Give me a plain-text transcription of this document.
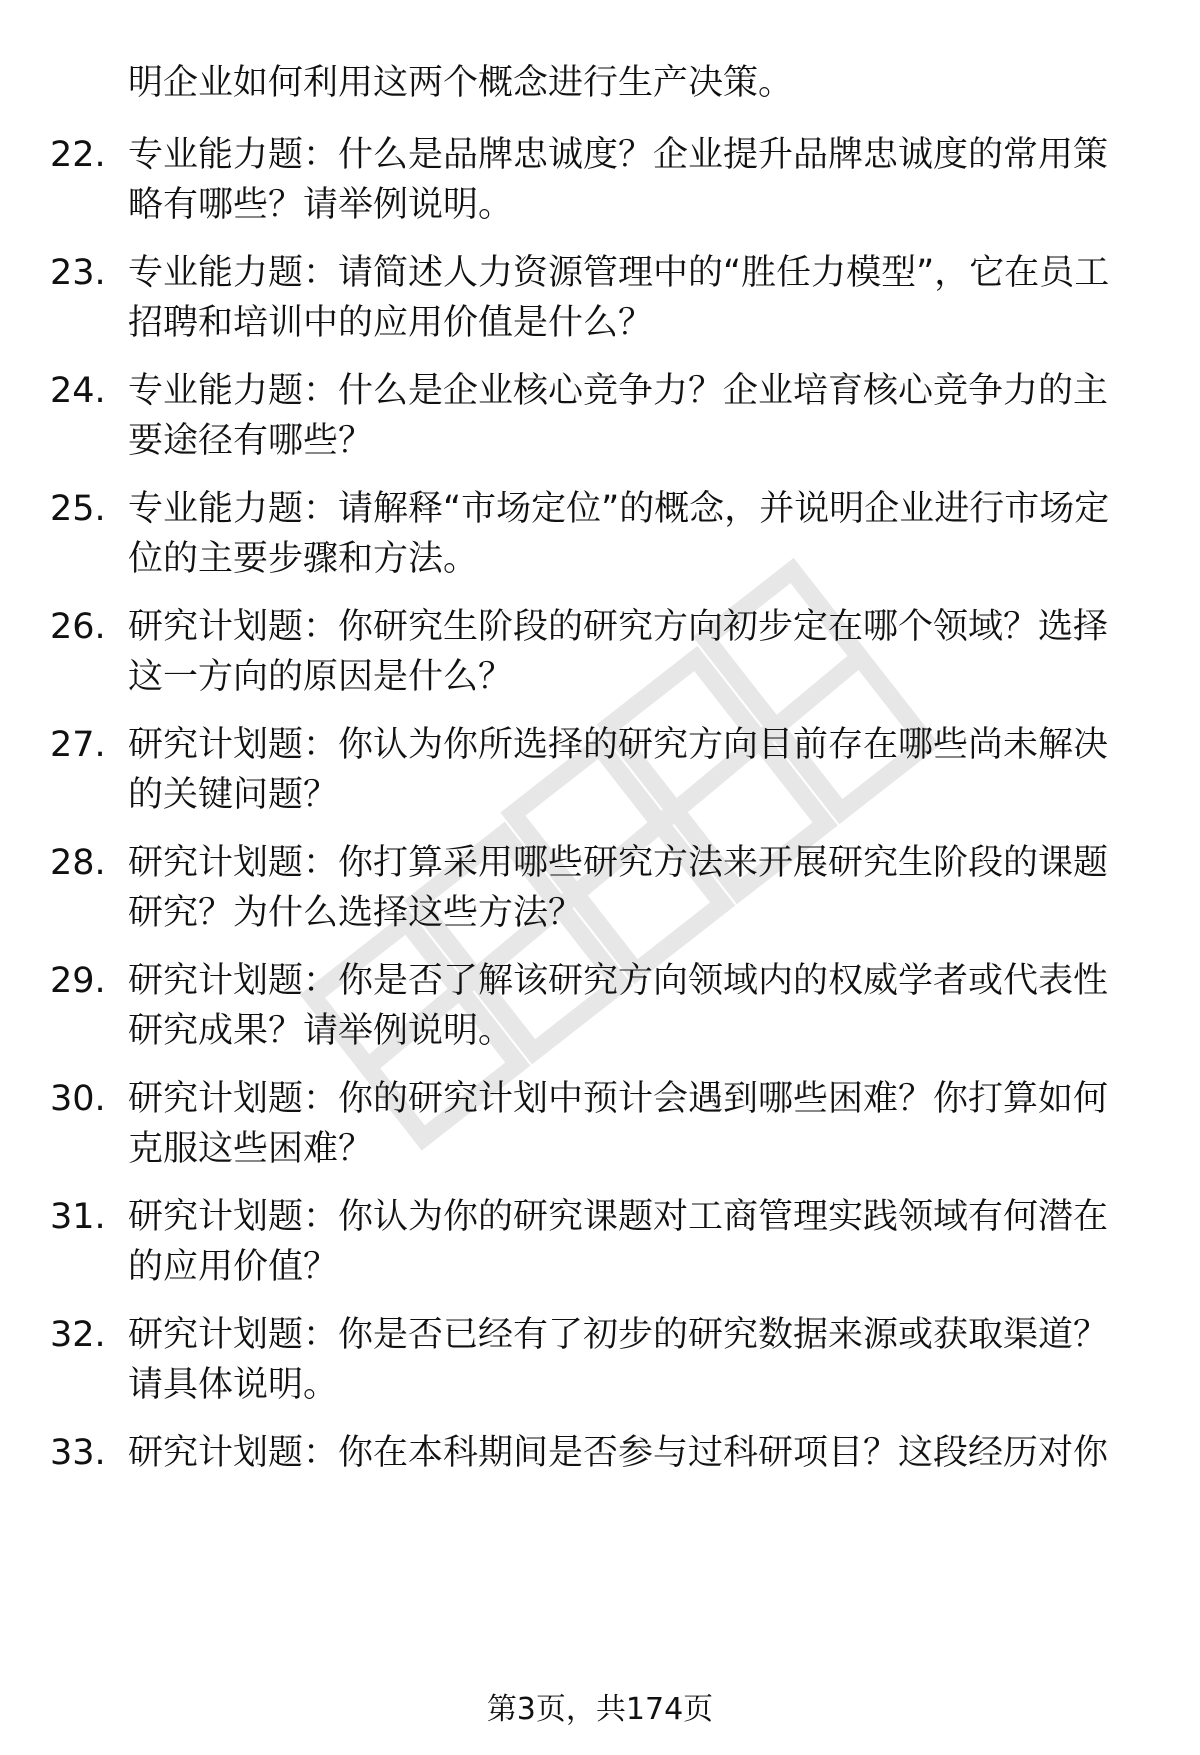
明企业如何利用这两个概念进行生产决策。

22. 专业能力题：什么是品牌忠诚度？企业提升品牌忠诚度的常用策略有哪些？请举例说明。

23. 专业能力题：请简述人力资源管理中的“胜任力模型”，它在员工招聘和培训中的应用价值是什么？

24. 专业能力题：什么是企业核心竞争力？企业培育核心竞争力的主要途径有哪些？

25. 专业能力题：请解释“市场定位”的概念，并说明企业进行市场定位的主要步骤和方法。

26. 研究计划题：你研究生阶段的研究方向初步定在哪个领域？选择这一方向的原因是什么？

27. 研究计划题：你认为你所选择的研究方向目前存在哪些尚未解决的关键问题？

28. 研究计划题：你打算采用哪些研究方法来开展研究生阶段的课题研究？为什么选择这些方法？

29. 研究计划题：你是否了解该研究方向领域内的权威学者或代表性研究成果？请举例说明。

30. 研究计划题：你的研究计划中预计会遇到哪些困难？你打算如何克服这些困难？

31. 研究计划题：你认为你的研究课题对工商管理实践领域有何潜在的应用价值？

32. 研究计划题：你是否已经有了初步的研究数据来源或获取渠道？请具体说明。

33. 研究计划题：你在本科期间是否参与过科研项目？这段经历对你

第3页，共174页
